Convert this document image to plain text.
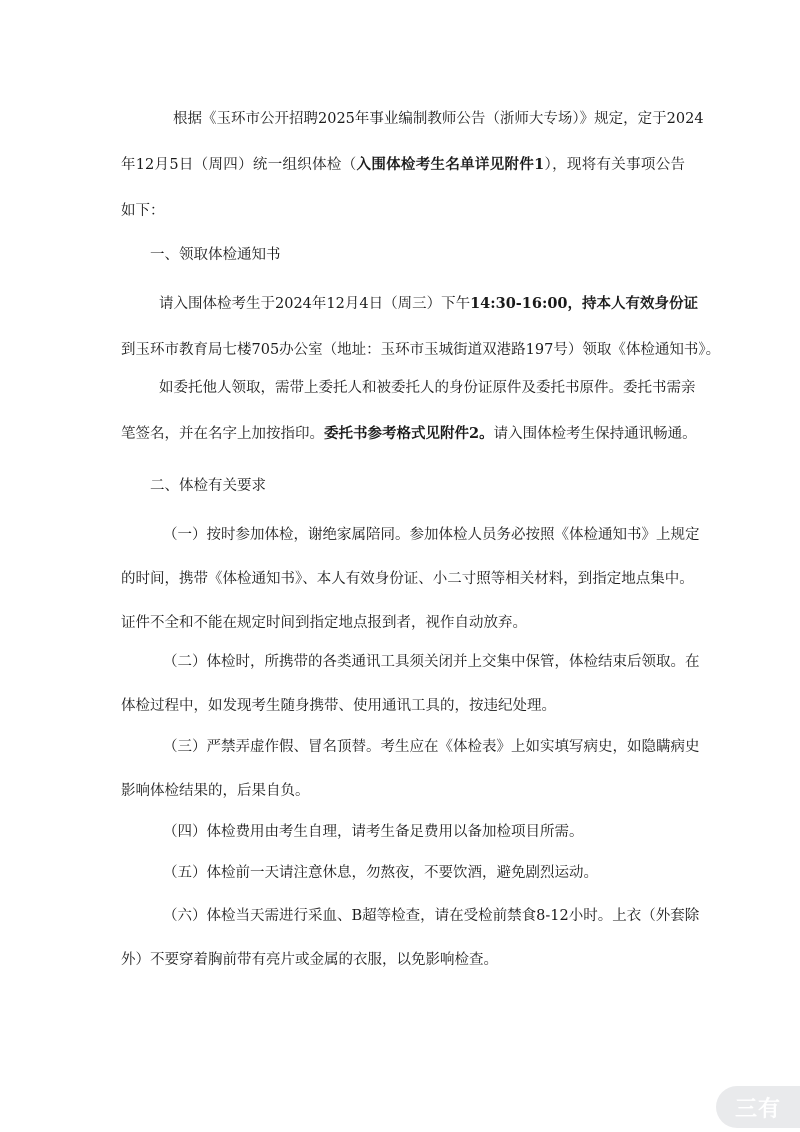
根据《玉环市公开招聘2025年事业编制教师公告（浙师大专场）》规定，定于2024
年12月5日（周四）统一组织体检（入围体检考生名单详见附件1），现将有关事项公告
如下：

一、领取体检通知书

请入围体检考生于2024年12月4日（周三）下午14:30-16:00，持本人有效身份证
到玉环市教育局七楼705办公室（地址：玉环市玉城街道双港路197号）领取《体检通知书》。
如委托他人领取，需带上委托人和被委托人的身份证原件及委托书原件。委托书需亲
笔签名，并在名字上加按指印。委托书参考格式见附件2。请入围体检考生保持通讯畅通。

二、体检有关要求

（一）按时参加体检，谢绝家属陪同。参加体检人员务必按照《体检通知书》上规定
的时间，携带《体检通知书》、本人有效身份证、小二寸照等相关材料，到指定地点集中。
证件不全和不能在规定时间到指定地点报到者，视作自动放弃。
（二）体检时，所携带的各类通讯工具须关闭并上交集中保管，体检结束后领取。在
体检过程中，如发现考生随身携带、使用通讯工具的，按违纪处理。
（三）严禁弄虚作假、冒名顶替。考生应在《体检表》上如实填写病史，如隐瞒病史
影响体检结果的，后果自负。
（四）体检费用由考生自理，请考生备足费用以备加检项目所需。
（五）体检前一天请注意休息，勿熬夜，不要饮酒，避免剧烈运动。
（六）体检当天需进行采血、B超等检查，请在受检前禁食8-12小时。上衣（外套除
外）不要穿着胸前带有亮片或金属的衣服，以免影响检查。
三有
